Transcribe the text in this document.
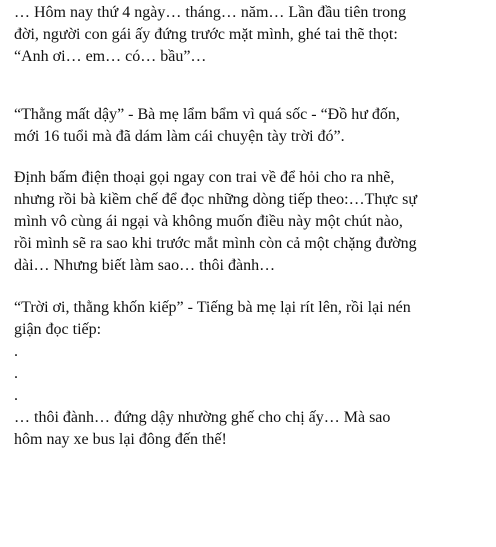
… Hôm nay thứ 4 ngày… tháng… năm… Lần đầu tiên trong
đời, người con gái ấy đứng trước mặt mình, ghé tai thẽ thọt:
“Anh ơi… em… có… bầu”…
“Thằng mất dậy” - Bà mẹ lẩm bẩm vì quá sốc - “Đồ hư đốn,
mới 16 tuổi mà đã dám làm cái chuyện tày trời đó”.
Định bấm điện thoại gọi ngay con trai về để hỏi cho ra nhẽ,
nhưng rồi bà kiềm chế để đọc những dòng tiếp theo:…Thực sự
mình vô cùng ái ngại và không muốn điều này một chút nào,
rồi mình sẽ ra sao khi trước mắt mình còn cả một chặng đường
dài… Nhưng biết làm sao… thôi đành…
“Trời ơi, thằng khốn kiếp” - Tiếng bà mẹ lại rít lên, rồi lại nén
giận đọc tiếp:
.
.
.
… thôi đành… đứng dậy nhường ghế cho chị ấy… Mà sao
hôm nay xe bus lại đông đến thế!
